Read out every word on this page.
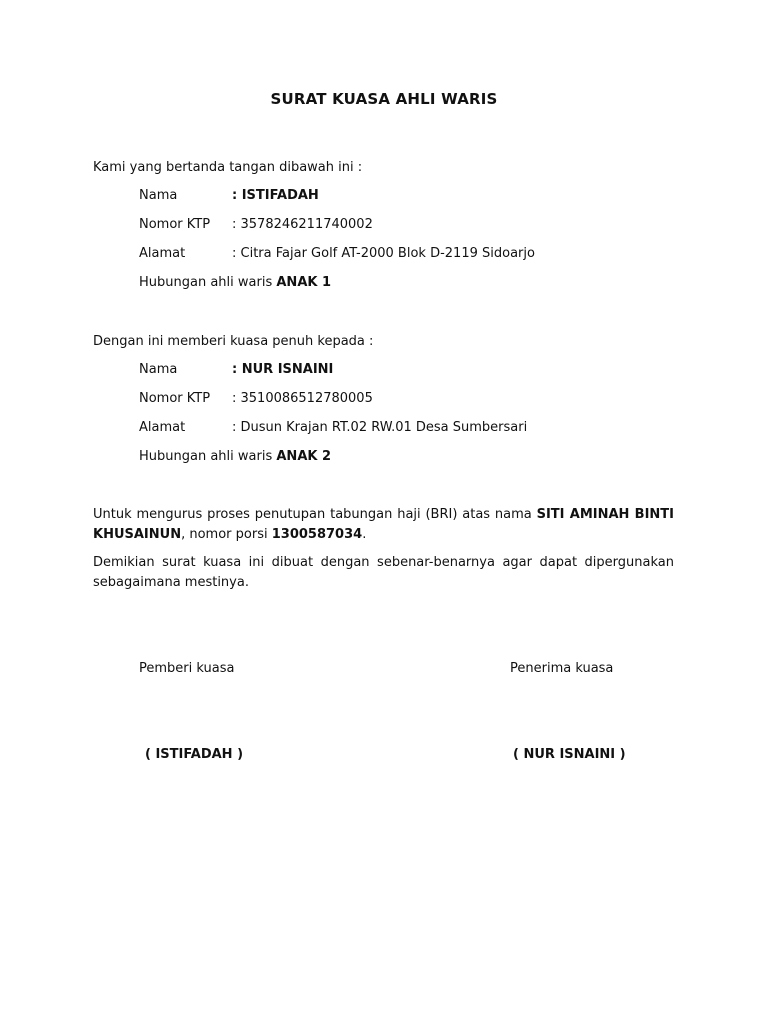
SURAT KUASA AHLI WARIS
Kami yang bertanda tangan dibawah ini :
Nama	: ISTIFADAH
Nomor KTP : 3578246211740002
Alamat	: Citra Fajar Golf AT-2000 Blok D-2119 Sidoarjo
Hubungan ahli waris ANAK 1
Dengan ini memberi kuasa penuh kepada :
Nama	: NUR ISNAINI
Nomor KTP : 3510086512780005
Alamat	: Dusun Krajan RT.02 RW.01 Desa Sumbersari
Hubungan ahli waris ANAK 2
Untuk mengurus proses penutupan tabungan haji (BRI) atas nama SITI AMINAH BINTI KHUSAINUN, nomor porsi 1300587034.
Demikian surat kuasa ini dibuat dengan sebenar-benarnya agar dapat dipergunakan sebagaimana mestinya.
Pemberi kuasa	Penerima kuasa
( ISTIFADAH )	( NUR ISNAINI )
